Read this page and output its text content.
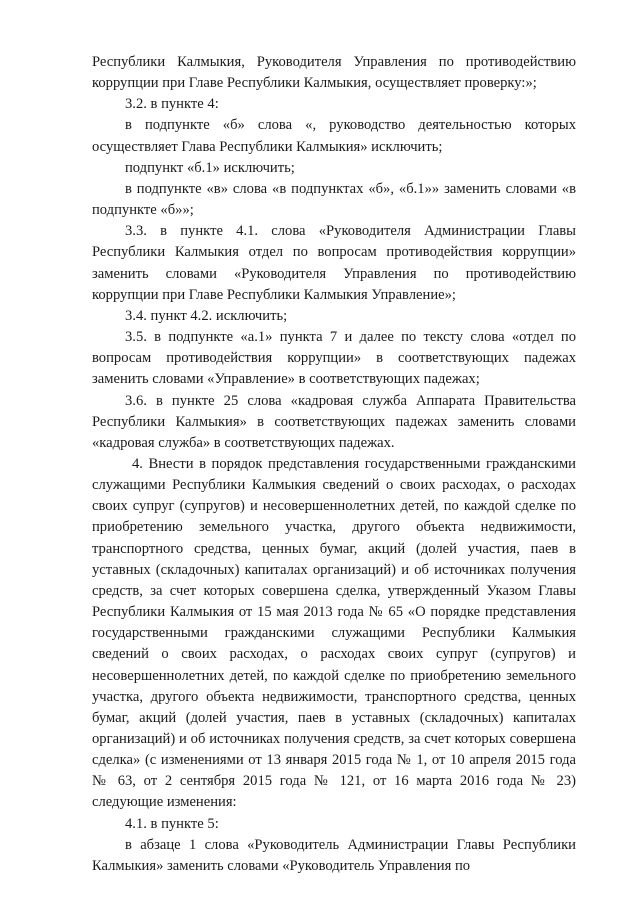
Республики Калмыкия, Руководителя Управления по противодействию коррупции при Главе Республики Калмыкия, осуществляет проверку:»;

3.2. в пункте 4:

в подпункте «б» слова «, руководство деятельностью которых осуществляет Глава Республики Калмыкия» исключить;

подпункт «б.1» исключить;

в подпункте «в» слова «в подпунктах «б», «б.1»» заменить словами «в подпункте «б»»;

3.3. в пункте 4.1. слова «Руководителя Администрации Главы Республики Калмыкия отдел по вопросам противодействия коррупции» заменить словами «Руководителя Управления по противодействию коррупции при Главе Республики Калмыкия Управление»;

3.4. пункт 4.2. исключить;

3.5. в подпункте «а.1» пункта 7 и далее по тексту слова «отдел по вопросам противодействия коррупции» в соответствующих падежах заменить словами «Управление» в соответствующих падежах;

3.6. в пункте 25 слова «кадровая служба Аппарата Правительства Республики Калмыкия» в соответствующих падежах заменить словами «кадровая служба» в соответствующих падежах.

4. Внести в порядок представления государственными гражданскими служащими Республики Калмыкия сведений о своих расходах, о расходах своих супруг (супругов) и несовершеннолетних детей, по каждой сделке по приобретению земельного участка, другого объекта недвижимости, транспортного средства, ценных бумаг, акций (долей участия, паев в уставных (складочных) капиталах организаций) и об источниках получения средств, за счет которых совершена сделка, утвержденный Указом Главы Республики Калмыкия от 15 мая 2013 года № 65 «О порядке представления государственными гражданскими служащими Республики Калмыкия сведений о своих расходах, о расходах своих супруг (супругов) и несовершеннолетних детей, по каждой сделке по приобретению земельного участка, другого объекта недвижимости, транспортного средства, ценных бумаг, акций (долей участия, паев в уставных (складочных) капиталах организаций) и об источниках получения средств, за счет которых совершена сделка» (с изменениями от 13 января 2015 года № 1, от 10 апреля 2015 года № 63, от 2 сентября 2015 года № 121, от 16 марта 2016 года № 23) следующие изменения:

4.1. в пункте 5:

в абзаце 1 слова «Руководитель Администрации Главы Республики Калмыкия» заменить словами «Руководитель Управления по
